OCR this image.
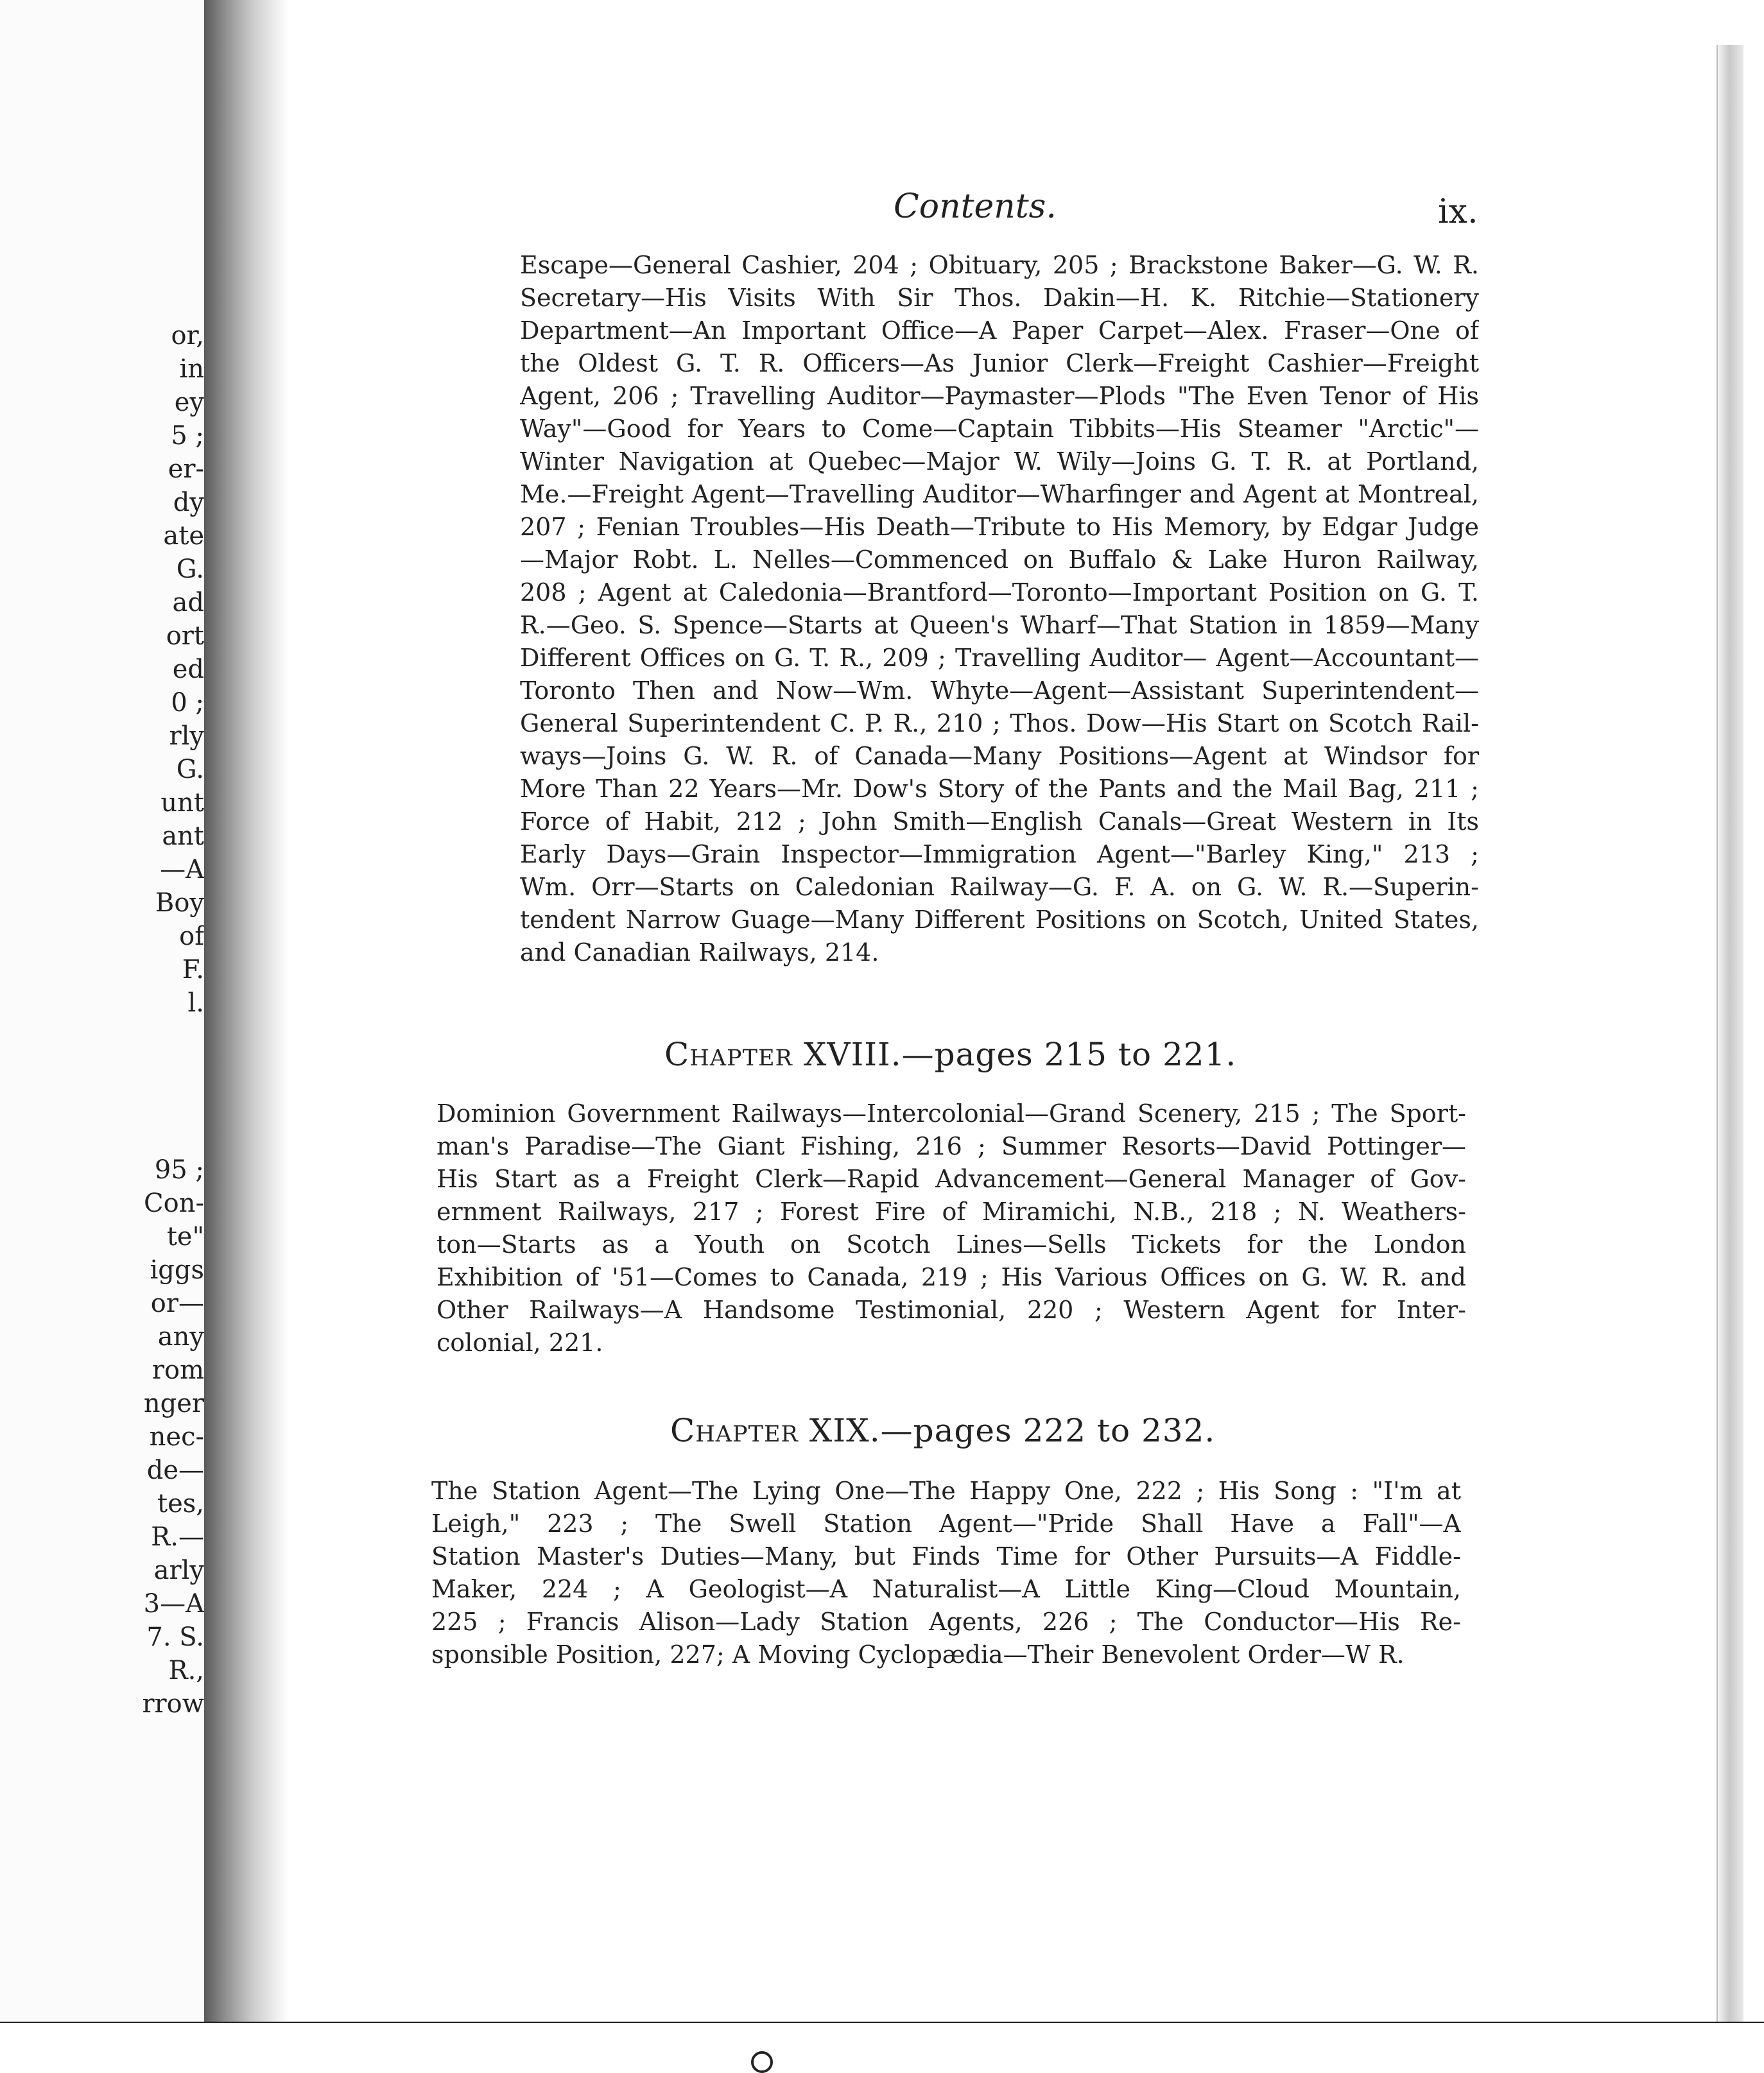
or,
in
ey
5 ;
er-
dy
ate
G.
ad
ort
ed
0 ;
rly
G.
unt
ant
—A
Boy
of
F.
l.
95 ;
Con-
te"
iggs
or—
any
rom
nger
nec-
de—
tes,
R.—
arly
3—A
7. S.
R.,
rrow
Contents.	ix.
Escape—General Cashier, 204 ; Obituary, 205 ; Brackstone Baker—G. W. R.
Secretary—His Visits With Sir Thos. Dakin—H. K. Ritchie—Stationery
Department—An Important Office—A Paper Carpet—Alex. Fraser—One of
the Oldest G. T. R. Officers—As Junior Clerk—Freight Cashier—Freight
Agent, 206 ; Travelling Auditor—Paymaster—Plods "The Even Tenor of His
Way"—Good for Years to Come—Captain Tibbits—His Steamer "Arctic"—
Winter Navigation at Quebec—Major W. Wily—Joins G. T. R. at Portland,
Me.—Freight Agent—Travelling Auditor—Wharfinger and Agent at Montreal,
207 ; Fenian Troubles—His Death—Tribute to His Memory, by Edgar Judge
—Major Robt. L. Nelles—Commenced on Buffalo & Lake Huron Railway,
208 ; Agent at Caledonia—Brantford—Toronto—Important Position on G. T.
R.—Geo. S. Spence—Starts at Queen's Wharf—That Station in 1859—Many
Different Offices on G. T. R., 209 ; Travelling Auditor— Agent—Accountant—
Toronto Then and Now—Wm. Whyte—Agent—Assistant Superintendent—
General Superintendent C. P. R., 210 ; Thos. Dow—His Start on Scotch Rail-
ways—Joins G. W. R. of Canada—Many Positions—Agent at Windsor for
More Than 22 Years—Mr. Dow's Story of the Pants and the Mail Bag, 211 ;
Force of Habit, 212 ; John Smith—English Canals—Great Western in Its
Early Days—Grain Inspector—Immigration Agent—"Barley King," 213 ;
Wm. Orr—Starts on Caledonian Railway—G. F. A. on G. W. R.—Superin-
tendent Narrow Guage—Many Different Positions on Scotch, United States,
and Canadian Railways, 214.
Chapter XVIII.—pages 215 to 221.
Dominion Government Railways—Intercolonial—Grand Scenery, 215 ; The Sport-
man's Paradise—The Giant Fishing, 216 ; Summer Resorts—David Pottinger—
His Start as a Freight Clerk—Rapid Advancement—General Manager of Gov-
ernment Railways, 217 ; Forest Fire of Miramichi, N.B., 218 ; N. Weathers-
ton—Starts as a Youth on Scotch Lines—Sells Tickets for the London
Exhibition of '51—Comes to Canada, 219 ; His Various Offices on G. W. R. and
Other Railways—A Handsome Testimonial, 220 ; Western Agent for Inter-
colonial, 221.
Chapter XIX.—pages 222 to 232.
The Station Agent—The Lying One—The Happy One, 222 ; His Song : "I'm at
Leigh," 223 ; The Swell Station Agent—"Pride Shall Have a Fall"—A
Station Master's Duties—Many, but Finds Time for Other Pursuits—A Fiddle-
Maker, 224 ; A Geologist—A Naturalist—A Little King—Cloud Mountain,
225 ; Francis Alison—Lady Station Agents, 226 ; The Conductor—His Re-
sponsible Position, 227; A Moving Cyclopædia—Their Benevolent Order—W R.
